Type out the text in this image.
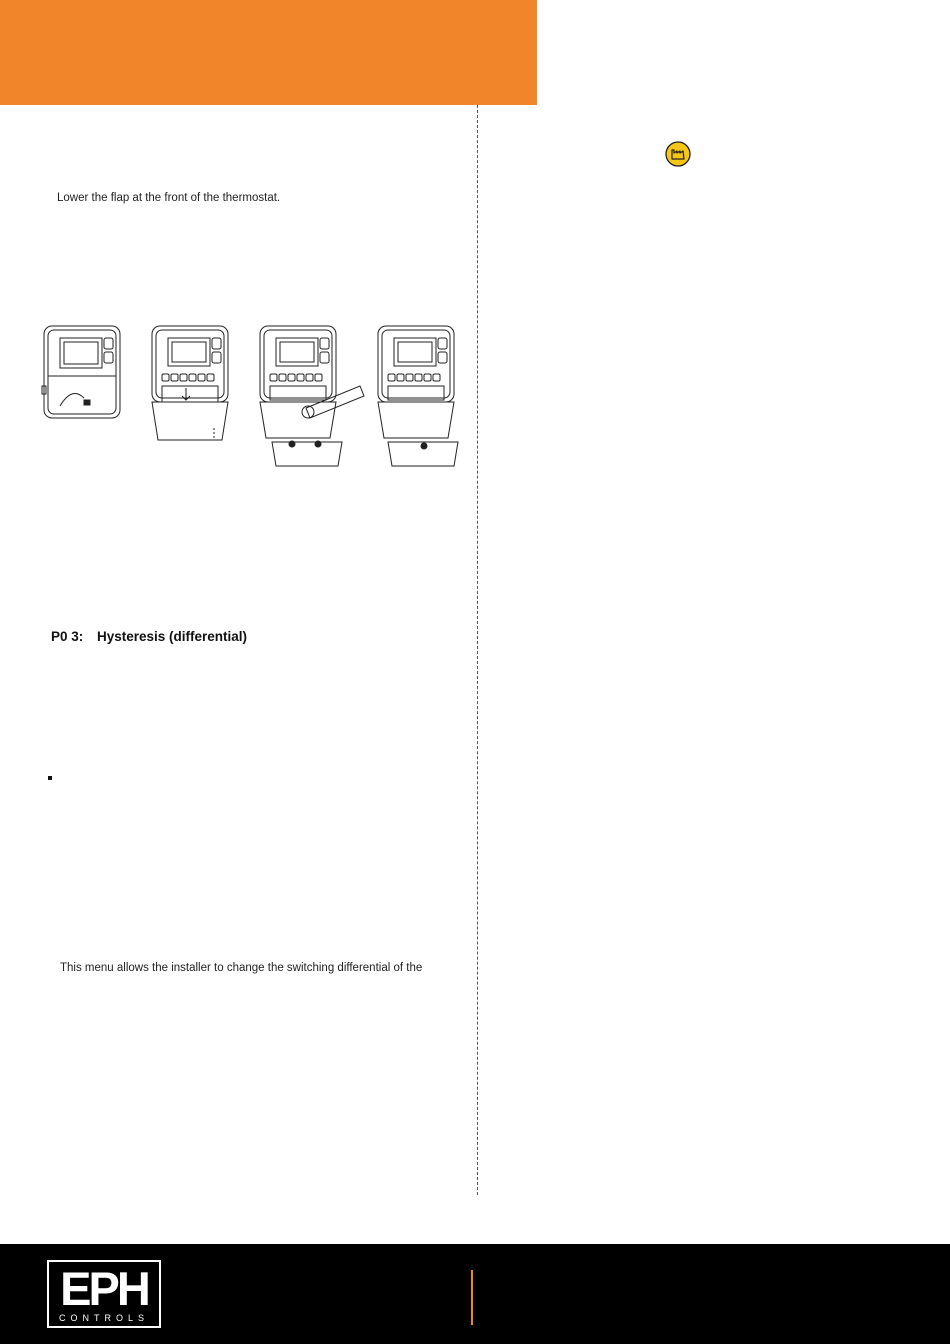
Lower the flap at the front of the thermostat.

P0 3: Hysteresis (differential)

This menu allows the installer to change the switching differential of the

EPH
CONTROLS
